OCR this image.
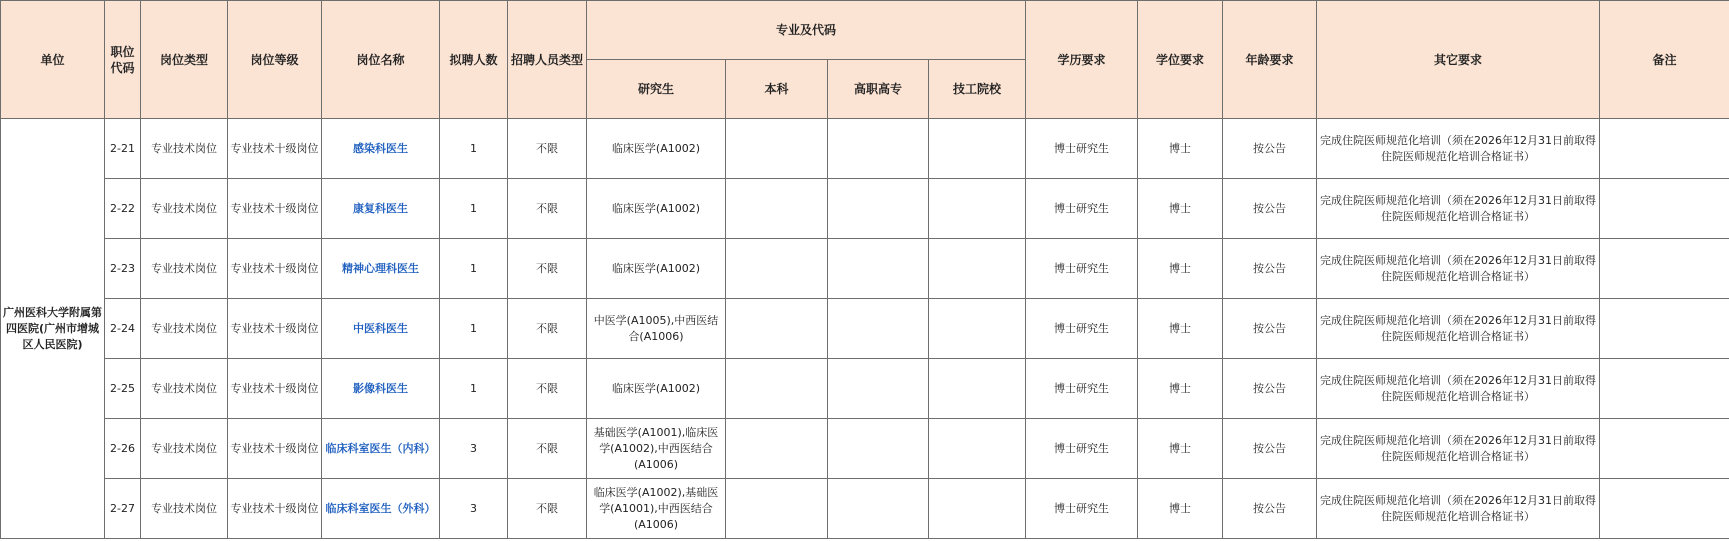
单位	职位代码	岗位类型	岗位等级	岗位名称	拟聘人数	招聘人员类型	专业及代码				学历要求	学位要求	年龄要求	其它要求	备注
							研究生	本科	高职高专	技工院校					
广州医科大学附属第四医院(广州市增城区人民医院)	2-21	专业技术岗位	专业技术十级岗位	感染科医生	1	不限	临床医学(A1002)				博士研究生	博士	按公告	完成住院医师规范化培训（须在2026年12月31日前取得住院医师规范化培训合格证书）	
	2-22	专业技术岗位	专业技术十级岗位	康复科医生	1	不限	临床医学(A1002)				博士研究生	博士	按公告	完成住院医师规范化培训（须在2026年12月31日前取得住院医师规范化培训合格证书）	
	2-23	专业技术岗位	专业技术十级岗位	精神心理科医生	1	不限	临床医学(A1002)				博士研究生	博士	按公告	完成住院医师规范化培训（须在2026年12月31日前取得住院医师规范化培训合格证书）	
	2-24	专业技术岗位	专业技术十级岗位	中医科医生	1	不限	中医学(A1005),中西医结合(A1006)				博士研究生	博士	按公告	完成住院医师规范化培训（须在2026年12月31日前取得住院医师规范化培训合格证书）	
	2-25	专业技术岗位	专业技术十级岗位	影像科医生	1	不限	临床医学(A1002)				博士研究生	博士	按公告	完成住院医师规范化培训（须在2026年12月31日前取得住院医师规范化培训合格证书）	
	2-26	专业技术岗位	专业技术十级岗位	临床科室医生（内科）	3	不限	基础医学(A1001),临床医学(A1002),中西医结合(A1006)				博士研究生	博士	按公告	完成住院医师规范化培训（须在2026年12月31日前取得住院医师规范化培训合格证书）	
	2-27	专业技术岗位	专业技术十级岗位	临床科室医生（外科）	3	不限	临床医学(A1002),基础医学(A1001),中西医结合(A1006)				博士研究生	博士	按公告	完成住院医师规范化培训（须在2026年12月31日前取得住院医师规范化培训合格证书）	
